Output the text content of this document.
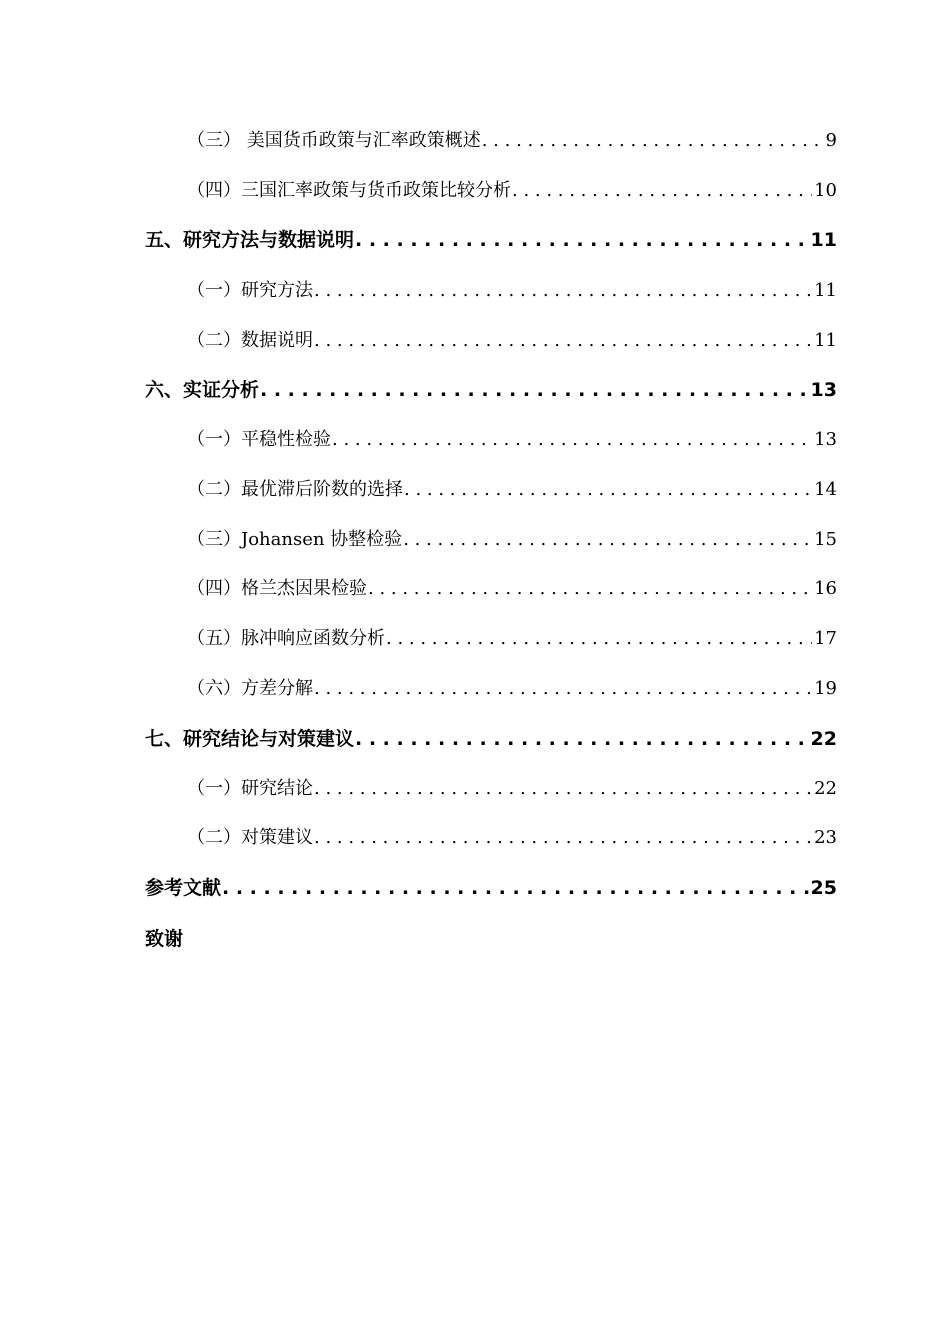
（三） 美国货币政策与汇率政策概述 . . .	9
（四）三国汇率政策与货币政策比较分析 . . .	10
五、研究方法与数据说明 . . .	11
（一）研究方法 . . .	11
（二）数据说明 . . .	11
六、实证分析 . . .	13
（一）平稳性检验 . . .	13
（二）最优滞后阶数的选择 . . .	14
（三）Johansen 协整检验 . . .	15
（四）格兰杰因果检验 . . .	16
（五）脉冲响应函数分析 . . .	17
（六）方差分解 . . .	19
七、研究结论与对策建议 . . .	22
（一）研究结论 . . .	22
（二）对策建议 . . .	23
参考文献 . . .	25
致谢
